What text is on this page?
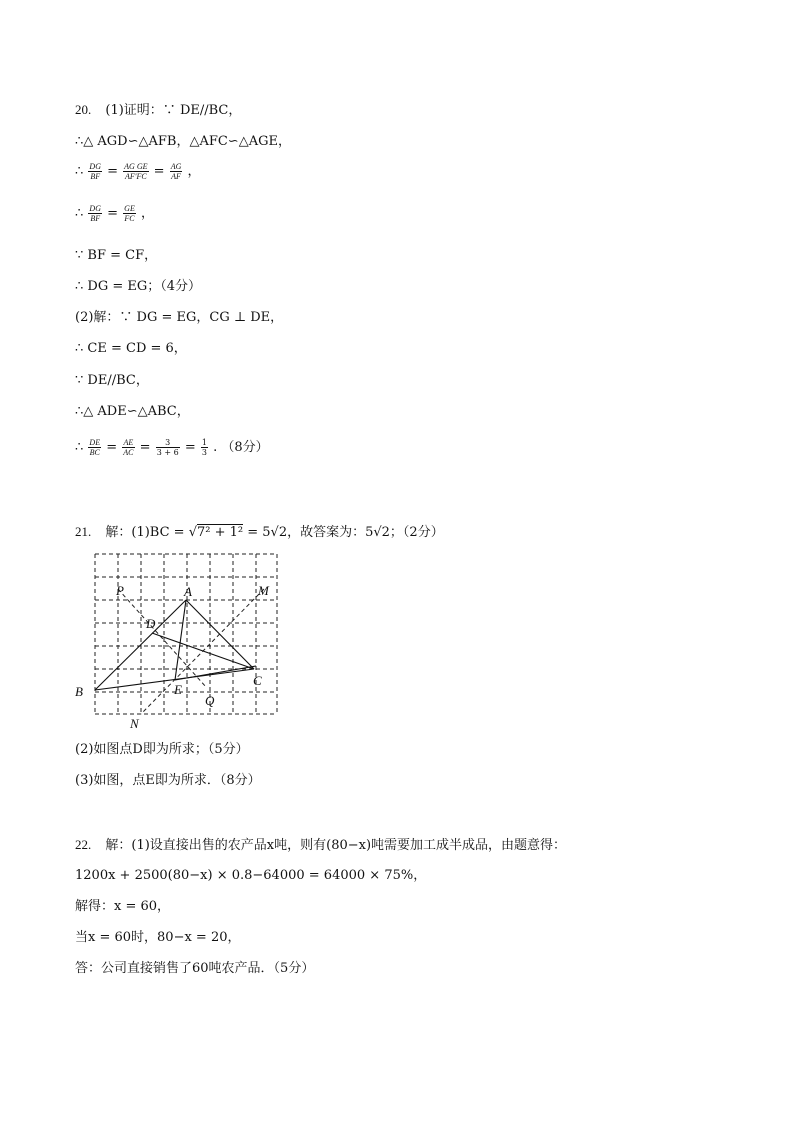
20. (1)证明：∵ DE//BC，
∴△ AGD∽△AFB，△AFC∽△AGE，
∴ $\frac{DG}{BF} = \frac{\text{AG GE}}{AF'FC} = \frac{AG}{AF}$ ，
∴ $\frac{DG}{BF} = \frac{GE}{FC}$ ，
∵ BF = CF，
∴ DG = EG；（4分）
(2)解：∵ DG = EG，CG ⊥ DE，
∴ CE = CD = 6，
∵ DE//BC，
∴△ ADE∽△ABC，
∴ $\frac{DE}{BC} = \frac{AE}{AC} = \frac{3}{3 + 6} = \frac{1}{3}$ . （8分）
21. 解：(1)BC = √7² + 1² = 5√2，故答案为：5√2；（2分）
P	A	M
D
B	E
C
Q
N
(2)如图点D即为所求；（5分）
(3)如图，点E即为所求．（8分）
22. 解：(1)设直接出售的农产品x吨，则有(80−x)吨需要加工成半成品，由题意得：
1200x + 2500(80−x) × 0.8−64000 = 64000 × 75%，
解得：x = 60，
当x = 60时，80−x = 20，
答：公司直接销售了60吨农产品．（5分）
